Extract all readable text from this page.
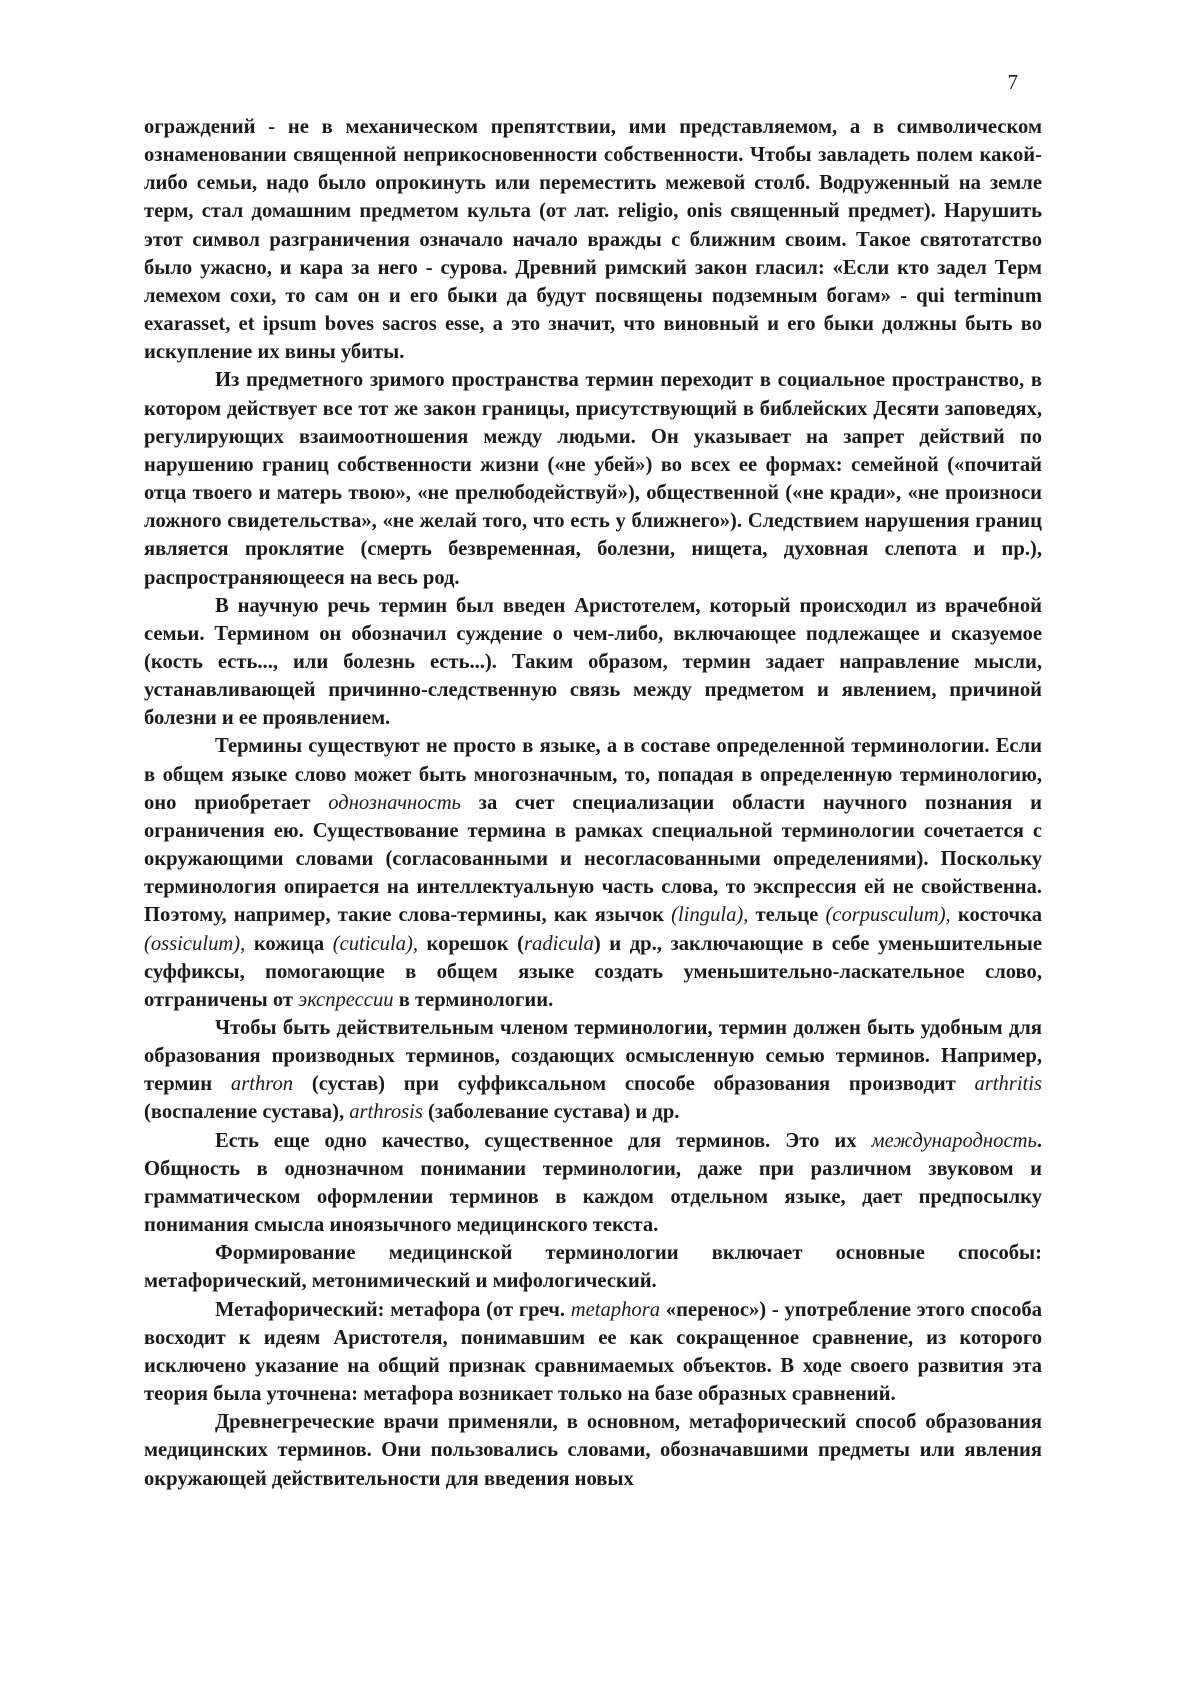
7

ограждений - не в механическом препятствии, ими представляемом, а в символическом ознаменовании священной неприкосновенности собственности. Чтобы завладеть полем какой-либо семьи, надо было опрокинуть или переместить межевой столб. Водруженный на земле терм, стал домашним предметом культа (от лат. religio, onis священный предмет). Нарушить этот символ разграничения означало начало вражды с ближним своим. Такое святотатство было ужасно, и кара за него - сурова. Древний римский закон гласил: «Если кто задел Терм лемехом сохи, то сам он и его быки да будут посвящены подземным богам» - qui terminum exarasset, et ipsum boves sacros esse, а это значит, что виновный и его быки должны быть во искупление их вины убиты.

Из предметного зримого пространства термин переходит в социальное пространство, в котором действует все тот же закон границы, присутствующий в библейских Десяти заповедях, регулирующих взаимоотношения между людьми. Он указывает на запрет действий по нарушению границ собственности жизни («не убей») во всех ее формах: семейной («почитай отца твоего и матерь твою», «не прелюбодействуй»), общественной («не кради», «не произноси ложного свидетельства», «не желай того, что есть у ближнего»). Следствием нарушения границ является проклятие (смерть безвременная, болезни, нищета, духовная слепота и пр.), распространяющееся на весь род.

В научную речь термин был введен Аристотелем, который происходил из врачебной семьи. Термином он обозначил суждение о чем-либо, включающее подлежащее и сказуемое (кость есть..., или болезнь есть...). Таким образом, термин задает направление мысли, устанавливающей причинно-следственную связь между предметом и явлением, причиной болезни и ее проявлением.

Термины существуют не просто в языке, а в составе определенной терминологии. Если в общем языке слово может быть многозначным, то, попадая в определенную терминологию, оно приобретает однозначность за счет специализации области научного познания и ограничения ею. Существование термина в рамках специальной терминологии сочетается с окружающими словами (согласованными и несогласованными определениями). Поскольку терминология опирается на интеллектуальную часть слова, то экспрессия ей не свойственна. Поэтому, например, такие слова-термины, как язычок (lingula), тельце (corpusculum), косточка (ossiculum), кожица (cuticula), корешок (radicula) и др., заключающие в себе уменьшительные суффиксы, помогающие в общем языке создать уменьшительно-ласкательное слово, отграничены от экспрессии в терминологии.

Чтобы быть действительным членом терминологии, термин должен быть удобным для образования производных терминов, создающих осмысленную семью терминов. Например, термин arthron (сустав) при суффиксальном способе образования производит arthritis (воспаление сустава), arthrosis (заболевание сустава) и др.

Есть еще одно качество, существенное для терминов. Это их международность. Общность в однозначном понимании терминологии, даже при различном звуковом и грамматическом оформлении терминов в каждом отдельном языке, дает предпосылку понимания смысла иноязычного медицинского текста.

Формирование медицинской терминологии включает основные способы: метафорический, метонимический и мифологический.

Метафорический: метафора (от греч. metaphora «перенос») - употребление этого способа восходит к идеям Аристотеля, понимавшим ее как сокращенное сравнение, из которого исключено указание на общий признак сравнимаемых объектов. В ходе своего развития эта теория была уточнена: метафора возникает только на базе образных сравнений.

Древнегреческие врачи применяли, в основном, метафорический способ образования медицинских терминов. Они пользовались словами, обозначавшими предметы или явления окружающей действительности для введения новых
